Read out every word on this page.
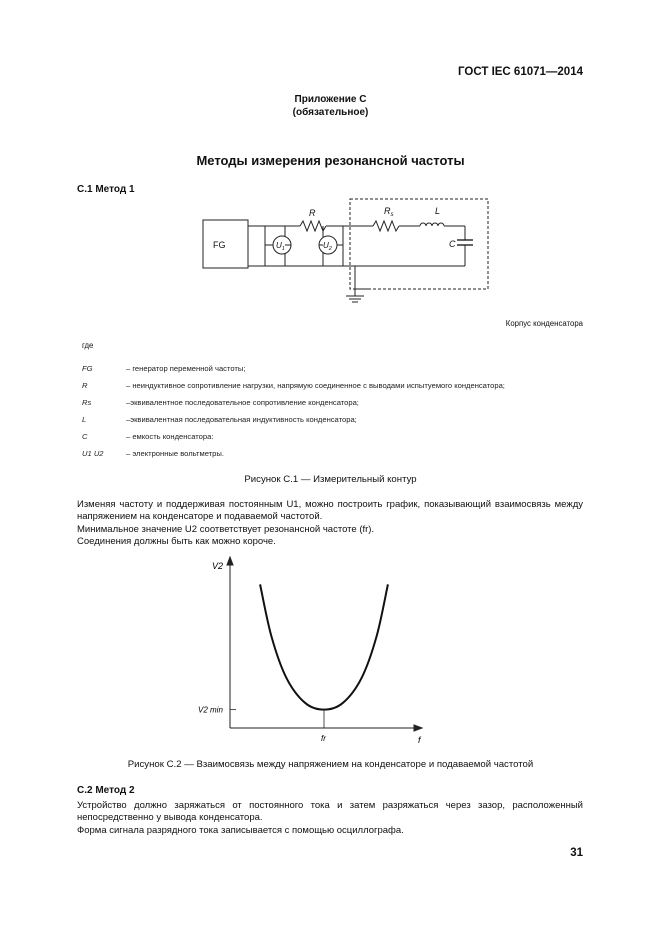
ГОСТ IEC 61071—2014
Приложение С
(обязательное)
Методы измерения резонансной частоты
С.1 Метод 1
FG
R	$R_s$	L
C
$U_1$	$U_2$
Корпус конденсатора
где
FG	– генератор переменной частоты;
R	– неиндуктивное сопротивление нагрузки, напрямую соединенное с выводами испытуемого конденсатора;
Rs	–эквивалентное последовательное сопротивление конденсатора;
L	–эквивалентная последовательная индуктивность конденсатора;
C	– емкость конденсатора:
U1 U2	– электронные вольтметры.
Рисунок С.1 — Измерительный контур
Изменяя частоту и поддерживая постоянным U1, можно построить график, показывающий взаимосвязь между напряжением на конденсаторе и подаваемой частотой.
Минимальное значение U2 соответствует резонансной частоте (fr).
Соединения должны быть как можно короче.
V2
V2 min
f
fr
Рисунок С.2 — Взаимосвязь между напряжением на конденсаторе и подаваемой частотой
С.2 Метод 2
Устройство должно заряжаться от постоянного тока и затем разряжаться через зазор, расположенный непосредственно у вывода конденсатора.
Форма сигнала разрядного тока записывается с помощью осциллографа.
31
